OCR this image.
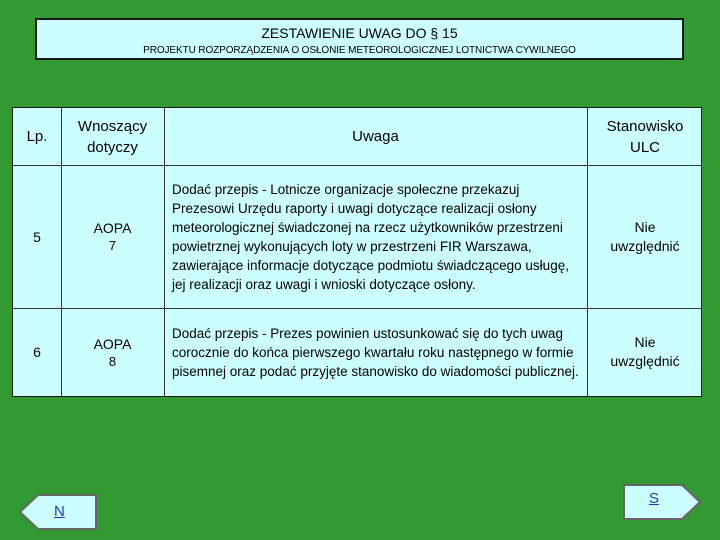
ZESTAWIENIE UWAG DO § 15
PROJEKTU ROZPORZĄDZENIA O OSŁONIE METEOROLOGICZNEJ LOTNICTWA CYWILNEGO
Lp.
Wnoszący dotyczy
Uwaga
Stanowisko ULC
5
AOPA
7
Dodać przepis - Lotnicze organizacje społeczne przekazuj Prezesowi Urzędu raporty i uwagi dotyczące realizacji osłony meteorologicznej świadczonej na rzecz użytkowników przestrzeni powietrznej wykonujących loty w przestrzeni FIR Warszawa, zawierające informacje dotyczące podmiotu świadczącego usługę, jej realizacji oraz uwagi i wnioski dotyczące osłony.
Nie uwzględnić
6
AOPA
8
Dodać przepis - Prezes powinien ustosunkować się do tych uwag corocznie do końca pierwszego kwartału roku następnego w formie pisemnej oraz podać przyjęte stanowisko do wiadomości publicznej.
Nie uwzględnić
N
S
